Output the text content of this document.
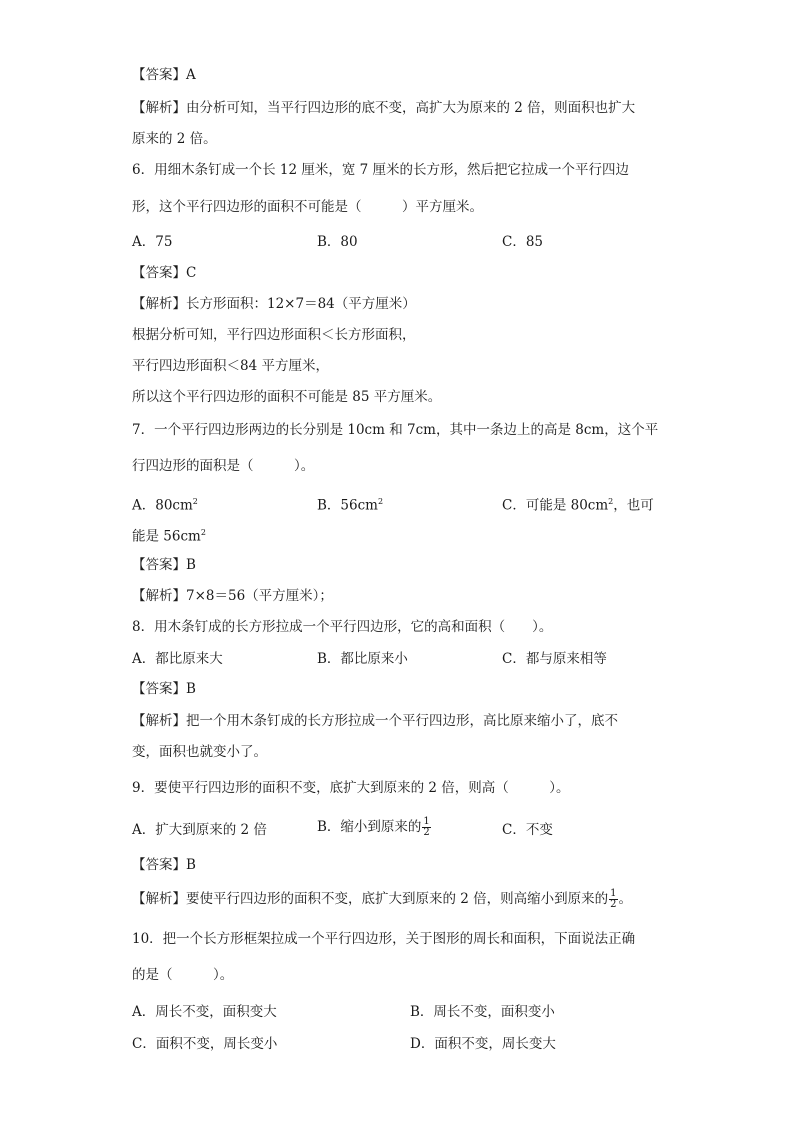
【答案】A
【解析】由分析可知，当平行四边形的底不变，高扩大为原来的 2 倍，则面积也扩大
原来的 2 倍。
6．用细木条钉成一个长 12 厘米，宽 7 厘米的长方形，然后把它拉成一个平行四边
形，这个平行四边形的面积不可能是（　　　）平方厘米。
A．75	B．80	C．85
【答案】C
【解析】长方形面积：12×7＝84（平方厘米）
根据分析可知，平行四边形面积＜长方形面积，
平行四边形面积＜84 平方厘米，
所以这个平行四边形的面积不可能是 85 平方厘米。
7．一个平行四边形两边的长分别是 10cm 和 7cm，其中一条边上的高是 8cm，这个平
行四边形的面积是（　　　）。
A．$80cm^2$	B．$56cm^2$	C．可能是 $80cm^2$，也可
能是 $56cm^2$
【答案】B
【解析】7×8＝56（平方厘米）；
8．用木条钉成的长方形拉成一个平行四边形，它的高和面积（　　）。
A．都比原来大	B．都比原来小	C．都与原来相等
【答案】B
【解析】把一个用木条钉成的长方形拉成一个平行四边形，高比原来缩小了，底不
变，面积也就变小了。
9．要使平行四边形的面积不变，底扩大到原来的 2 倍，则高（　　　）。
A．扩大到原来的 2 倍	B．缩小到原来的 $\frac{1}{2}$	C．不变
【答案】B
【解析】要使平行四边形的面积不变，底扩大到原来的 2 倍，则高缩小到原来的 $\frac{1}{2}$ 。
10．把一个长方形框架拉成一个平行四边形，关于图形的周长和面积，下面说法正确
的是（　　　）。
A．周长不变，面积变大	B．周长不变，面积变小
C．面积不变，周长变小	D．面积不变，周长变大
